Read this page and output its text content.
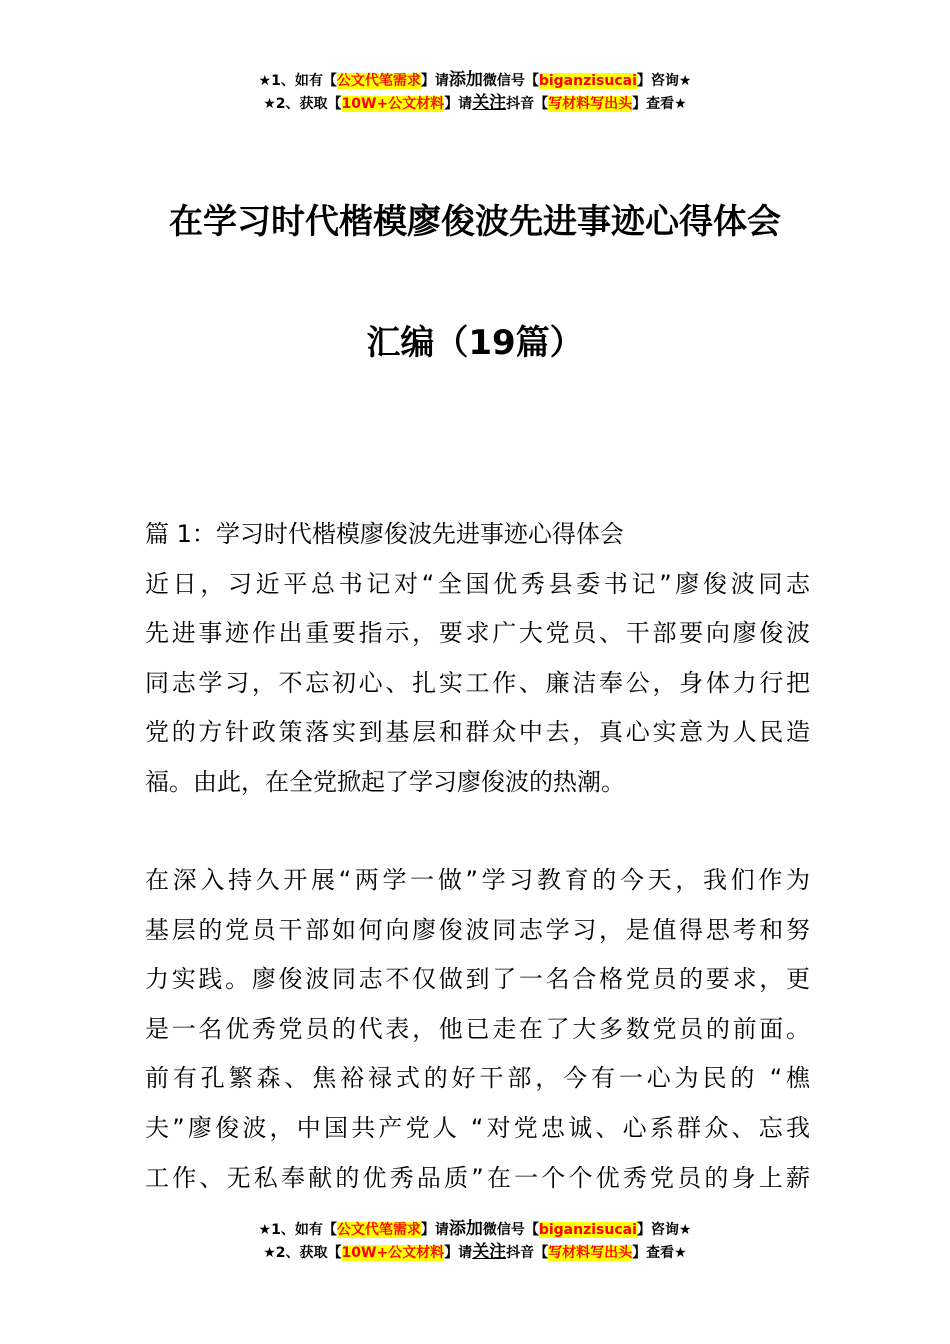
★1、如有【公文代笔需求】请添加微信号【biganzisucai】咨询★
★2、获取【10W+公文材料】请关注抖音【写材料写出头】查看★
在学习时代楷模廖俊波先进事迹心得体会
汇编（19篇）
篇 1：学习时代楷模廖俊波先进事迹心得体会
近日，习近平总书记对“全国优秀县委书记”廖俊波同志
先进事迹作出重要指示，要求广大党员、干部要向廖俊波
同志学习，不忘初心、扎实工作、廉洁奉公，身体力行把
党的方针政策落实到基层和群众中去，真心实意为人民造
福。由此，在全党掀起了学习廖俊波的热潮。
在深入持久开展“两学一做”学习教育的今天，我们作为
基层的党员干部如何向廖俊波同志学习，是值得思考和努
力实践。廖俊波同志不仅做到了一名合格党员的要求，更
是一名优秀党员的代表，他已走在了大多数党员的前面。
前有孔繁森、焦裕禄式的好干部，今有一心为民的 “樵
夫”廖俊波，中国共产党人 “对党忠诚、心系群众、忘我
工作、无私奉献的优秀品质”在一个个优秀党员的身上薪
★1、如有【公文代笔需求】请添加微信号【biganzisucai】咨询★
★2、获取【10W+公文材料】请关注抖音【写材料写出头】查看★
